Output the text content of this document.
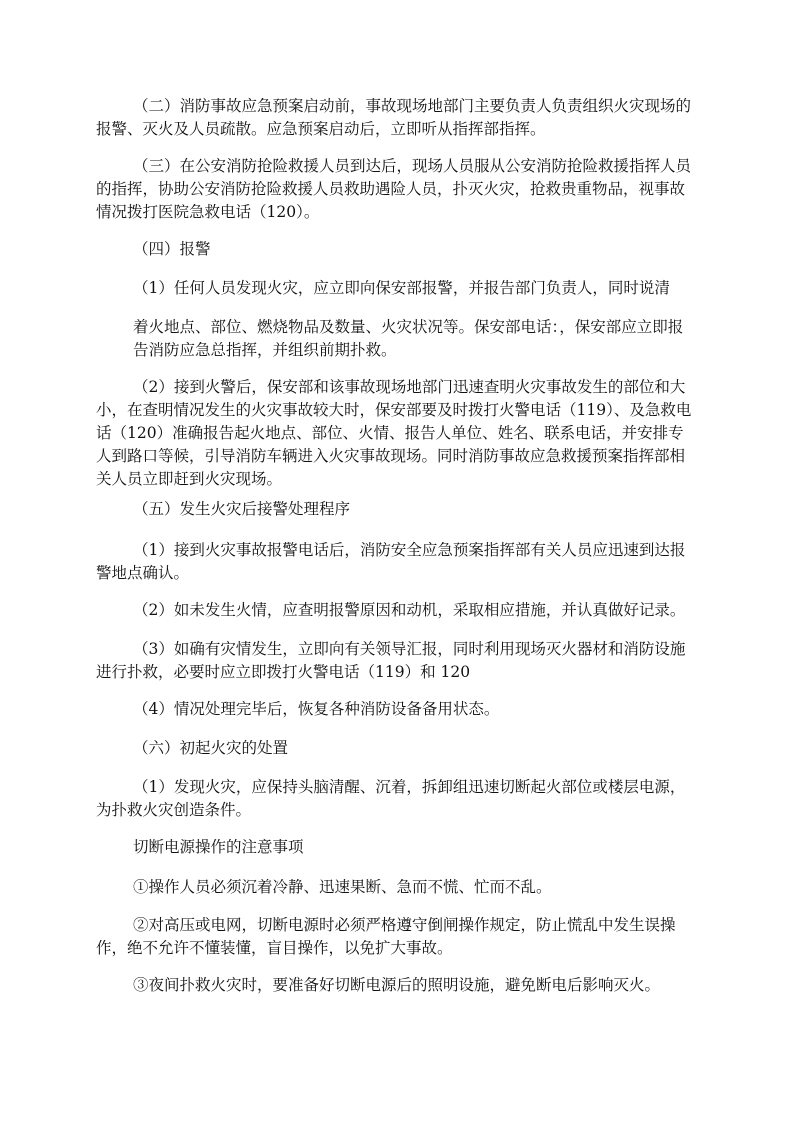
（二）消防事故应急预案启动前，事故现场地部门主要负责人负责组织火灾现场的报警、灭火及人员疏散。应急预案启动后，立即听从指挥部指挥。

（三）在公安消防抢险救援人员到达后，现场人员服从公安消防抢险救援指挥人员的指挥，协助公安消防抢险救援人员救助遇险人员，扑灭火灾，抢救贵重物品，视事故情况拨打医院急救电话（120）。

（四）报警

（1）任何人员发现火灾，应立即向保安部报警，并报告部门负责人，同时说清

着火地点、部位、燃烧物品及数量、火灾状况等。保安部电话：，保安部应立即报告消防应急总指挥，并组织前期扑救。

（2）接到火警后，保安部和该事故现场地部门迅速查明火灾事故发生的部位和大小，在查明情况发生的火灾事故较大时，保安部要及时拨打火警电话（119）、及急救电话（120）准确报告起火地点、部位、火情、报告人单位、姓名、联系电话，并安排专人到路口等候，引导消防车辆进入火灾事故现场。同时消防事故应急救援预案指挥部相关人员立即赶到火灾现场。

（五）发生火灾后接警处理程序

（1）接到火灾事故报警电话后，消防安全应急预案指挥部有关人员应迅速到达报警地点确认。

（2）如未发生火情，应查明报警原因和动机，采取相应措施，并认真做好记录。

（3）如确有灾情发生，立即向有关领导汇报，同时利用现场灭火器材和消防设施进行扑救，必要时应立即拨打火警电话（119）和 120

（4）情况处理完毕后，恢复各种消防设备备用状态。

（六）初起火灾的处置

（1）发现火灾，应保持头脑清醒、沉着，拆卸组迅速切断起火部位或楼层电源，为扑救火灾创造条件。

切断电源操作的注意事项

①操作人员必须沉着冷静、迅速果断、急而不慌、忙而不乱。

②对高压或电网，切断电源时必须严格遵守倒闸操作规定，防止慌乱中发生误操作，绝不允许不懂装懂，盲目操作，以免扩大事故。

③夜间扑救火灾时，要准备好切断电源后的照明设施，避免断电后影响灭火。
